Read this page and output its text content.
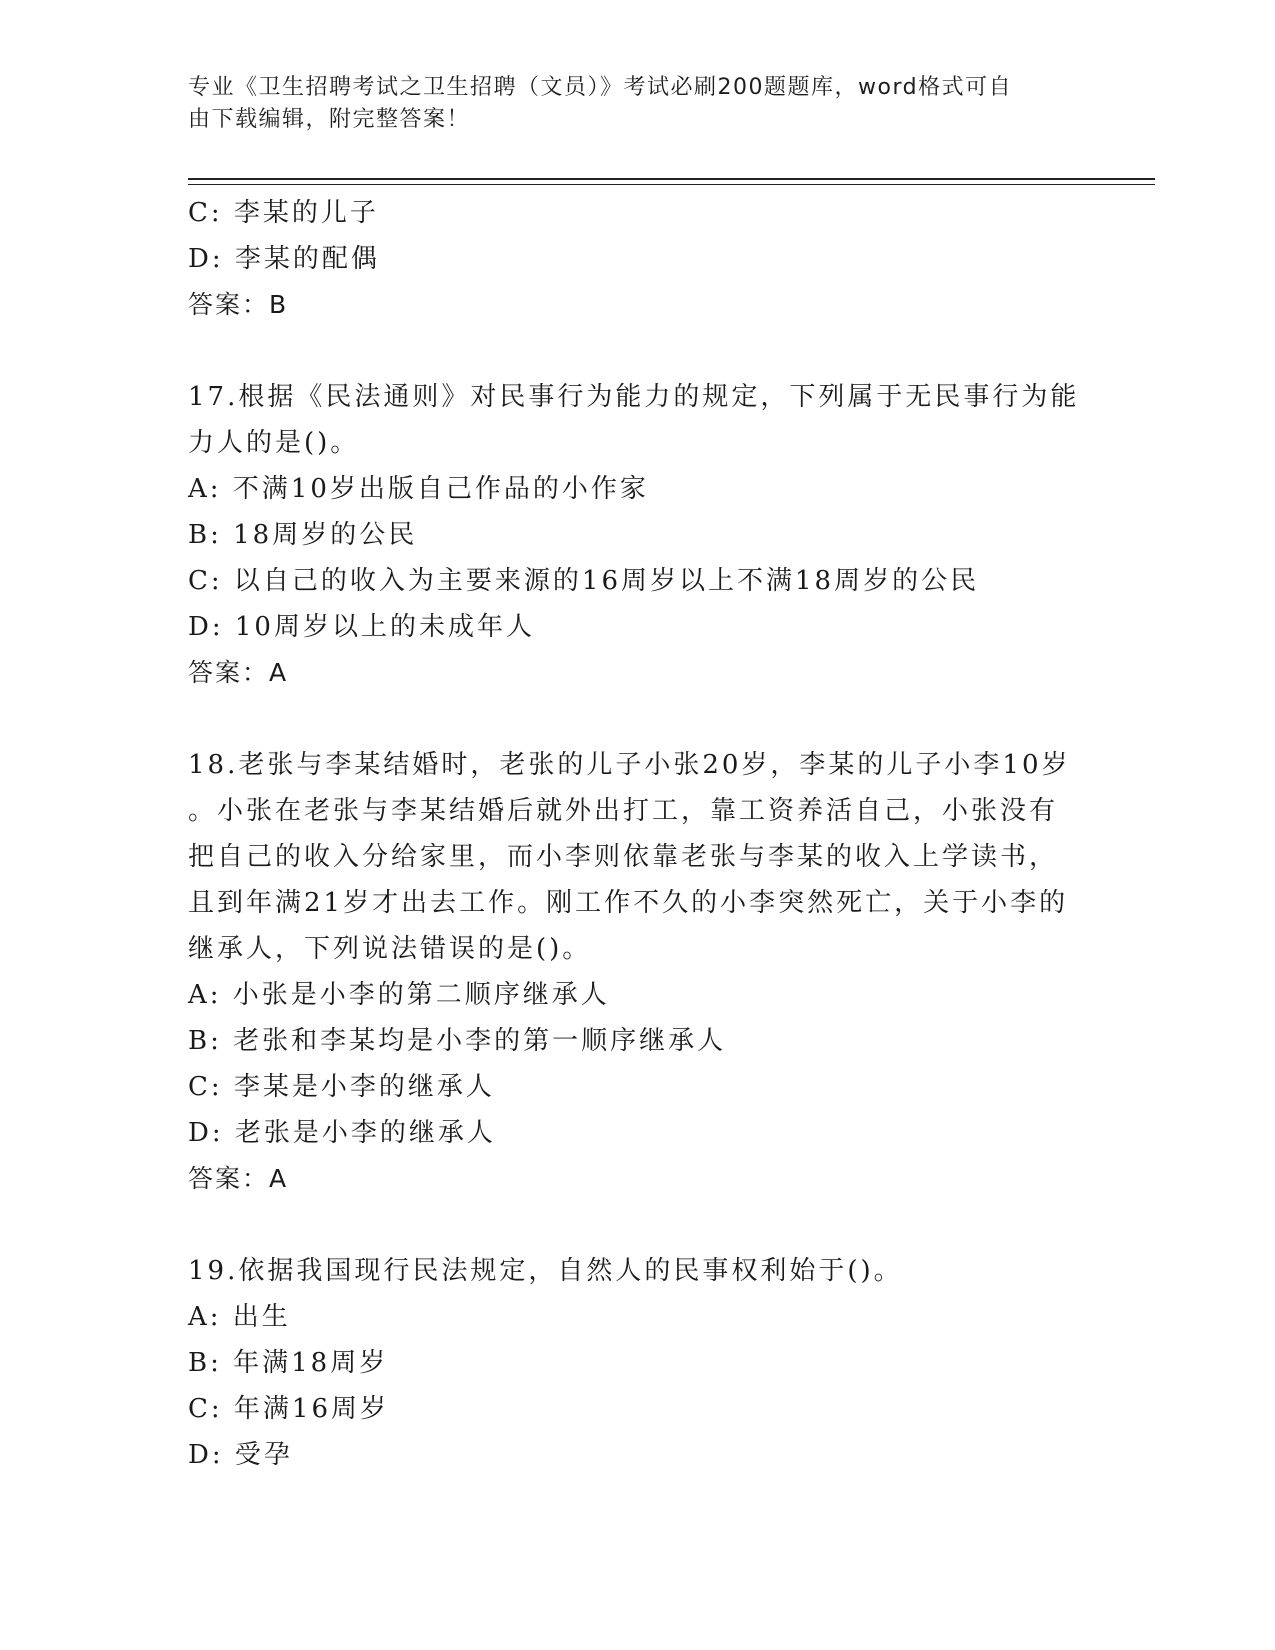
专业《卫生招聘考试之卫生招聘（文员）》考试必刷200题题库，word格式可自
由下载编辑，附完整答案！
C: 李某的儿子
D: 李某的配偶
答案：B
17.根据《民法通则》对民事行为能力的规定，下列属于无民事行为能
力人的是()。
A: 不满10岁出版自己作品的小作家
B: 18周岁的公民
C: 以自己的收入为主要来源的16周岁以上不满18周岁的公民
D: 10周岁以上的未成年人
答案：A
18.老张与李某结婚时，老张的儿子小张20岁，李某的儿子小李10岁
。小张在老张与李某结婚后就外出打工，靠工资养活自己，小张没有
把自己的收入分给家里，而小李则依靠老张与李某的收入上学读书，
且到年满21岁才出去工作。刚工作不久的小李突然死亡，关于小李的
继承人，下列说法错误的是()。
A: 小张是小李的第二顺序继承人
B: 老张和李某均是小李的第一顺序继承人
C: 李某是小李的继承人
D: 老张是小李的继承人
答案：A
19.依据我国现行民法规定，自然人的民事权利始于()。
A: 出生
B: 年满18周岁
C: 年满16周岁
D: 受孕
